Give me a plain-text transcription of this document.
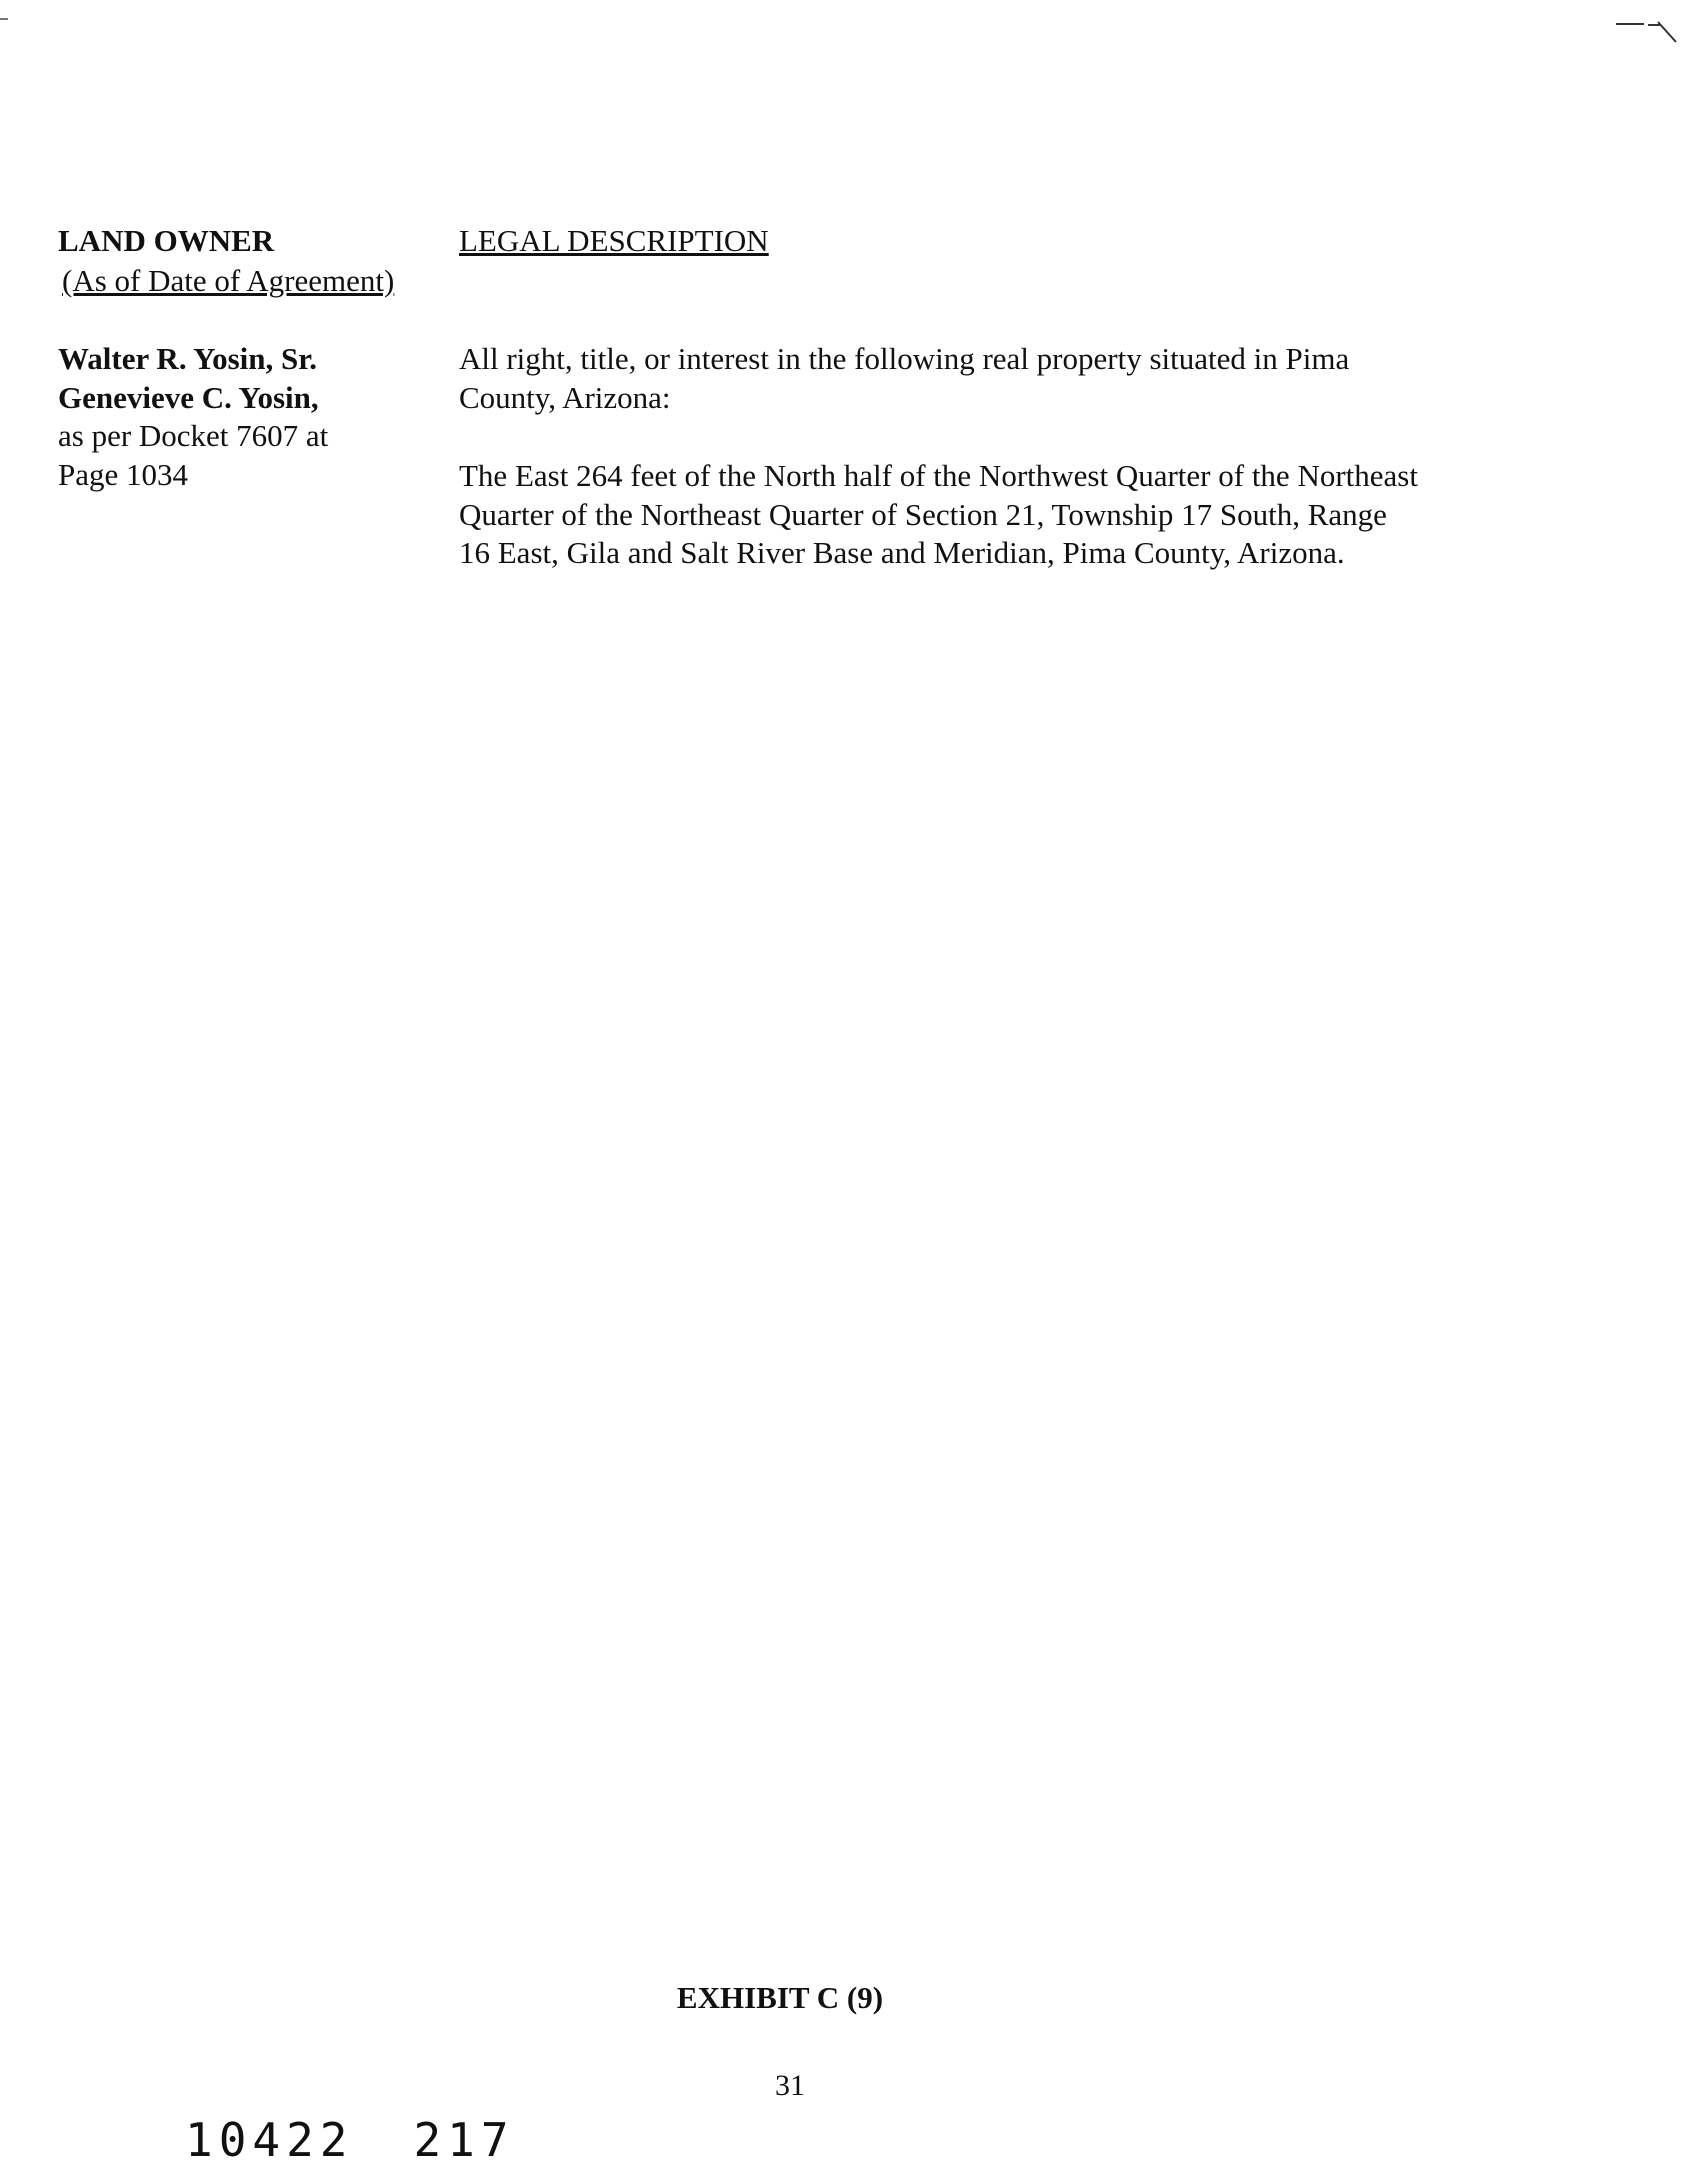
LAND OWNER
(As of Date of Agreement)
LEGAL DESCRIPTION
Walter R. Yosin, Sr.
Genevieve C. Yosin,
as per Docket 7607 at
Page 1034

All right, title, or interest in the following real property situated in Pima
County, Arizona:

The East 264 feet of the North half of the Northwest Quarter of the Northeast
Quarter of the Northeast Quarter of Section 21, Township 17 South, Range
16 East, Gila and Salt River Base and Meridian, Pima County, Arizona.

EXHIBIT C (9)
31
10422 217
